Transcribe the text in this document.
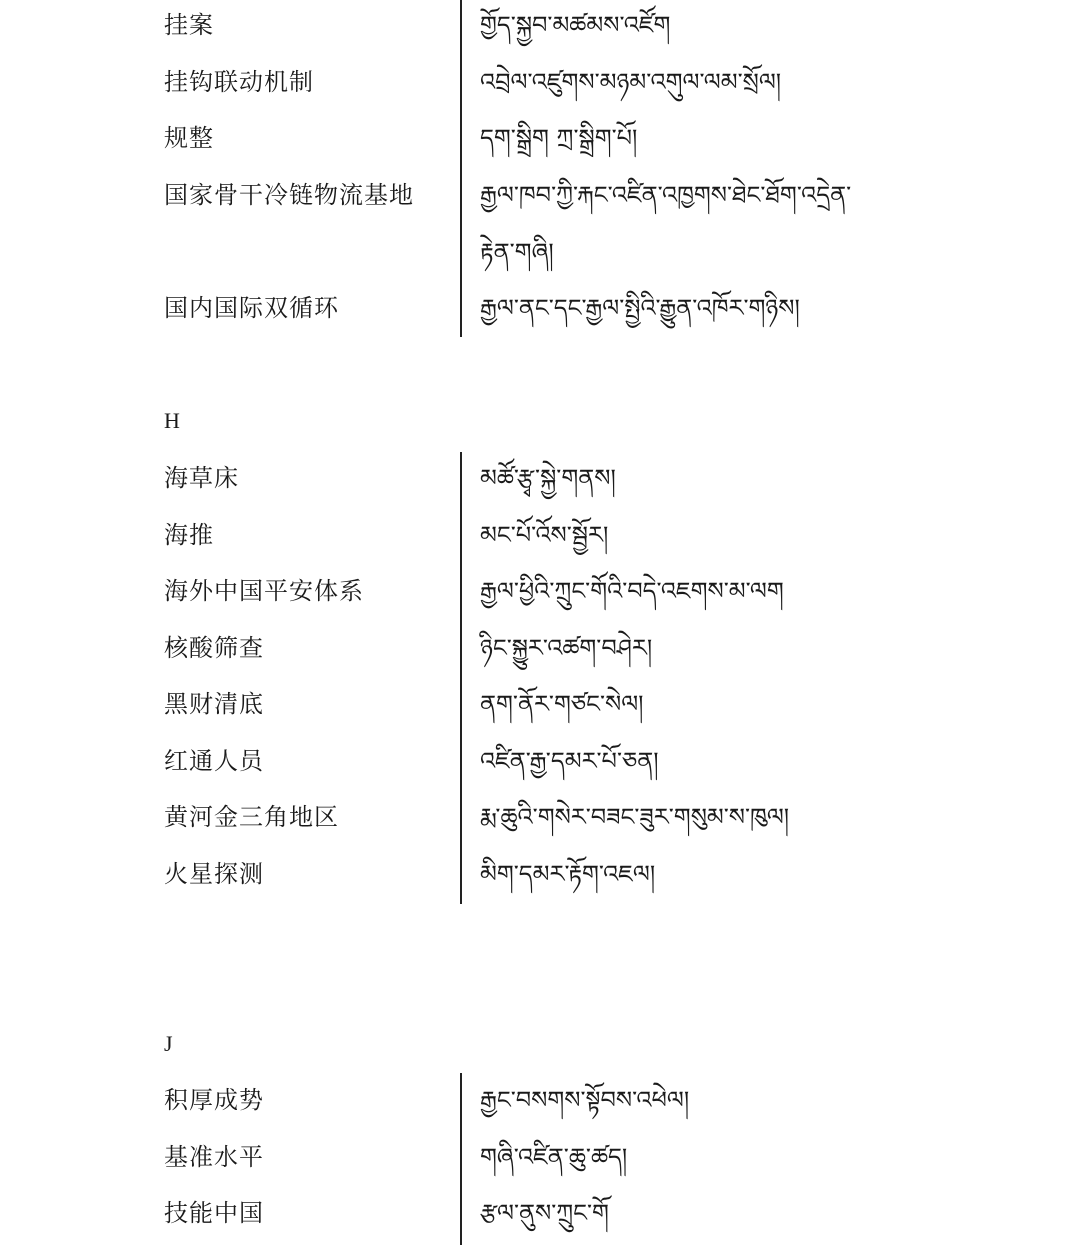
挂案	གྱོད་སྐྱབ་མཚམས་འཛོག
挂钩联动机制	འབྲེལ་འཛུགས་མཉམ་འགུལ་ལམ་སྲོལ།
规整	དག་སྒྲིག ཀྲ་སྒྲིག་པོ།
国家骨干冷链物流基地	རྒྱལ་ཁབ་ཀྱི་རྐང་འཛིན་འཁྱགས་ཐེང་ཐོག་འདྲེན་
རྟེན་གཞི།
国内国际双循环	རྒྱལ་ནང་དང་རྒྱལ་སྤྱིའི་རྒྱུན་འཁོར་གཉིས།
H
海草床	མཚོ་རྩྭ་སྐྱེ་གནས།
海推	མང་པོ་འོས་སྦྱོར།
海外中国平安体系	རྒྱལ་ཕྱིའི་ཀྲུང་གོའི་བདེ་འཇགས་མ་ལག
核酸筛查	ཉིང་སྐྱུར་འཚག་བཤེར།
黑财清底	ནག་ནོར་གཙང་སེལ།
红通人员	འཛིན་རྒྱ་དམར་པོ་ཅན།
黄河金三角地区	རྨ་ཆུའི་གསེར་བཟང་ཟུར་གསུམ་ས་ཁུལ།
火星探测	མིག་དམར་རྟོག་འཇལ།
J
积厚成势	རྒྱང་བསགས་སྟོབས་འཕེལ།
基准水平	གཞི་འཛིན་ཆུ་ཚད།
技能中国	རྩལ་ནུས་ཀྲུང་གོ
